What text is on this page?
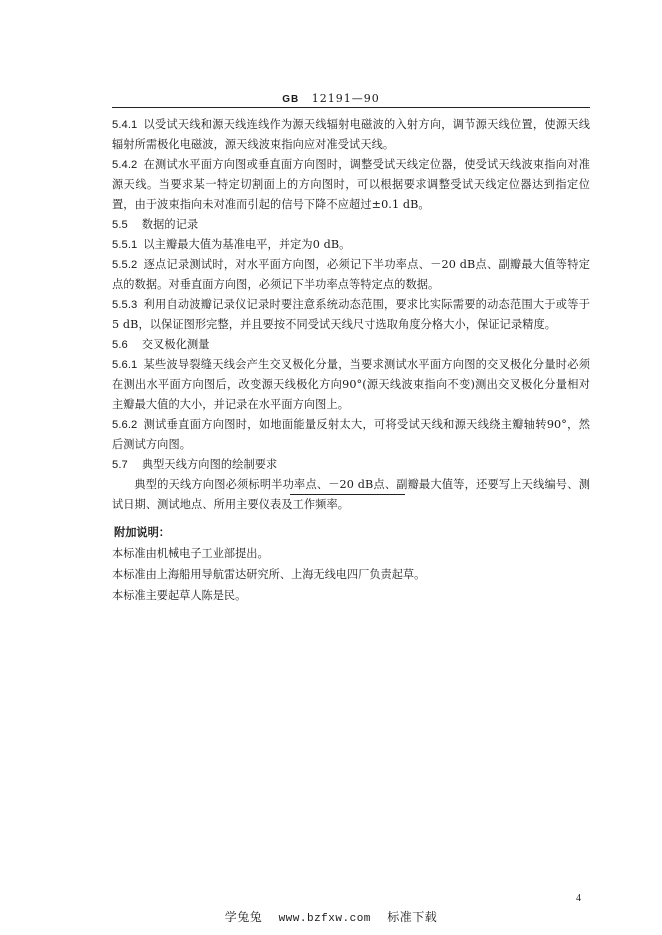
GB 12191—90

5.4.1 以受试天线和源天线连线作为源天线辐射电磁波的入射方向，调节源天线位置，使源天线辐射所需极化电磁波，源天线波束指向应对准受试天线。

5.4.2 在测试水平面方向图或垂直面方向图时，调整受试天线定位器，使受试天线波束指向对准源天线。当要求某一特定切割面上的方向图时，可以根据要求调整受试天线定位器达到指定位置，由于波束指向未对准而引起的信号下降不应超过±0.1 dB。

5.5 数据的记录

5.5.1 以主瓣最大值为基准电平，并定为0 dB。

5.5.2 逐点记录测试时，对水平面方向图，必须记下半功率点、－20 dB点、副瓣最大值等特定点的数据。对垂直面方向图，必须记下半功率点等特定点的数据。

5.5.3 利用自动波瓣记录仪记录时要注意系统动态范围，要求比实际需要的动态范围大于或等于5 dB，以保证图形完整，并且要按不同受试天线尺寸选取角度分格大小，保证记录精度。

5.6 交叉极化测量

5.6.1 某些波导裂缝天线会产生交叉极化分量，当要求测试水平面方向图的交叉极化分量时必须在测出水平面方向图后，改变源天线极化方向90°(源天线波束指向不变)测出交叉极化分量相对主瓣最大值的大小，并记录在水平面方向图上。

5.6.2 测试垂直面方向图时，如地面能量反射太大，可将受试天线和源天线绕主瓣轴转90°，然后测试方向图。

5.7 典型天线方向图的绘制要求

典型的天线方向图必须标明半功率点、－20 dB点、副瓣最大值等，还要写上天线编号、测试日期、测试地点、所用主要仪表及工作频率。

附加说明：

本标准由机械电子工业部提出。

本标准由上海船用导航雷达研究所、上海无线电四厂负责起草。

本标准主要起草人陈是民。

4
学兔兔 www.bzfxw.com 标准下载
